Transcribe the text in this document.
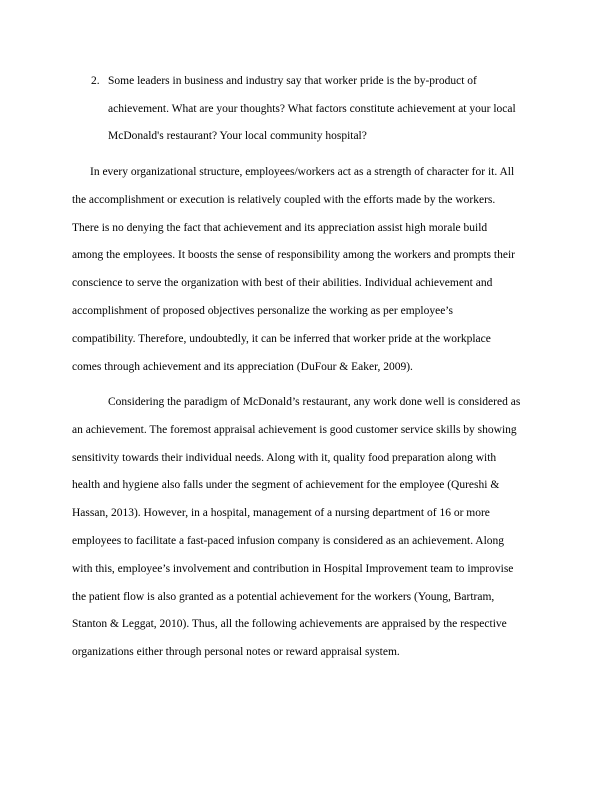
2. Some leaders in business and industry say that worker pride is the by-product of
achievement. What are your thoughts? What factors constitute achievement at your local
McDonald's restaurant? Your local community hospital?
In every organizational structure, employees/workers act as a strength of character for it. All
the accomplishment or execution is relatively coupled with the efforts made by the workers.
There is no denying the fact that achievement and its appreciation assist high morale build
among the employees. It boosts the sense of responsibility among the workers and prompts their
conscience to serve the organization with best of their abilities. Individual achievement and
accomplishment of proposed objectives personalize the working as per employee’s
compatibility. Therefore, undoubtedly, it can be inferred that worker pride at the workplace
comes through achievement and its appreciation (DuFour & Eaker, 2009).
Considering the paradigm of McDonald’s restaurant, any work done well is considered as
an achievement. The foremost appraisal achievement is good customer service skills by showing
sensitivity towards their individual needs. Along with it, quality food preparation along with
health and hygiene also falls under the segment of achievement for the employee (Qureshi &
Hassan, 2013). However, in a hospital, management of a nursing department of 16 or more
employees to facilitate a fast-paced infusion company is considered as an achievement. Along
with this, employee’s involvement and contribution in Hospital Improvement team to improvise
the patient flow is also granted as a potential achievement for the workers (Young, Bartram,
Stanton & Leggat, 2010). Thus, all the following achievements are appraised by the respective
organizations either through personal notes or reward appraisal system.
